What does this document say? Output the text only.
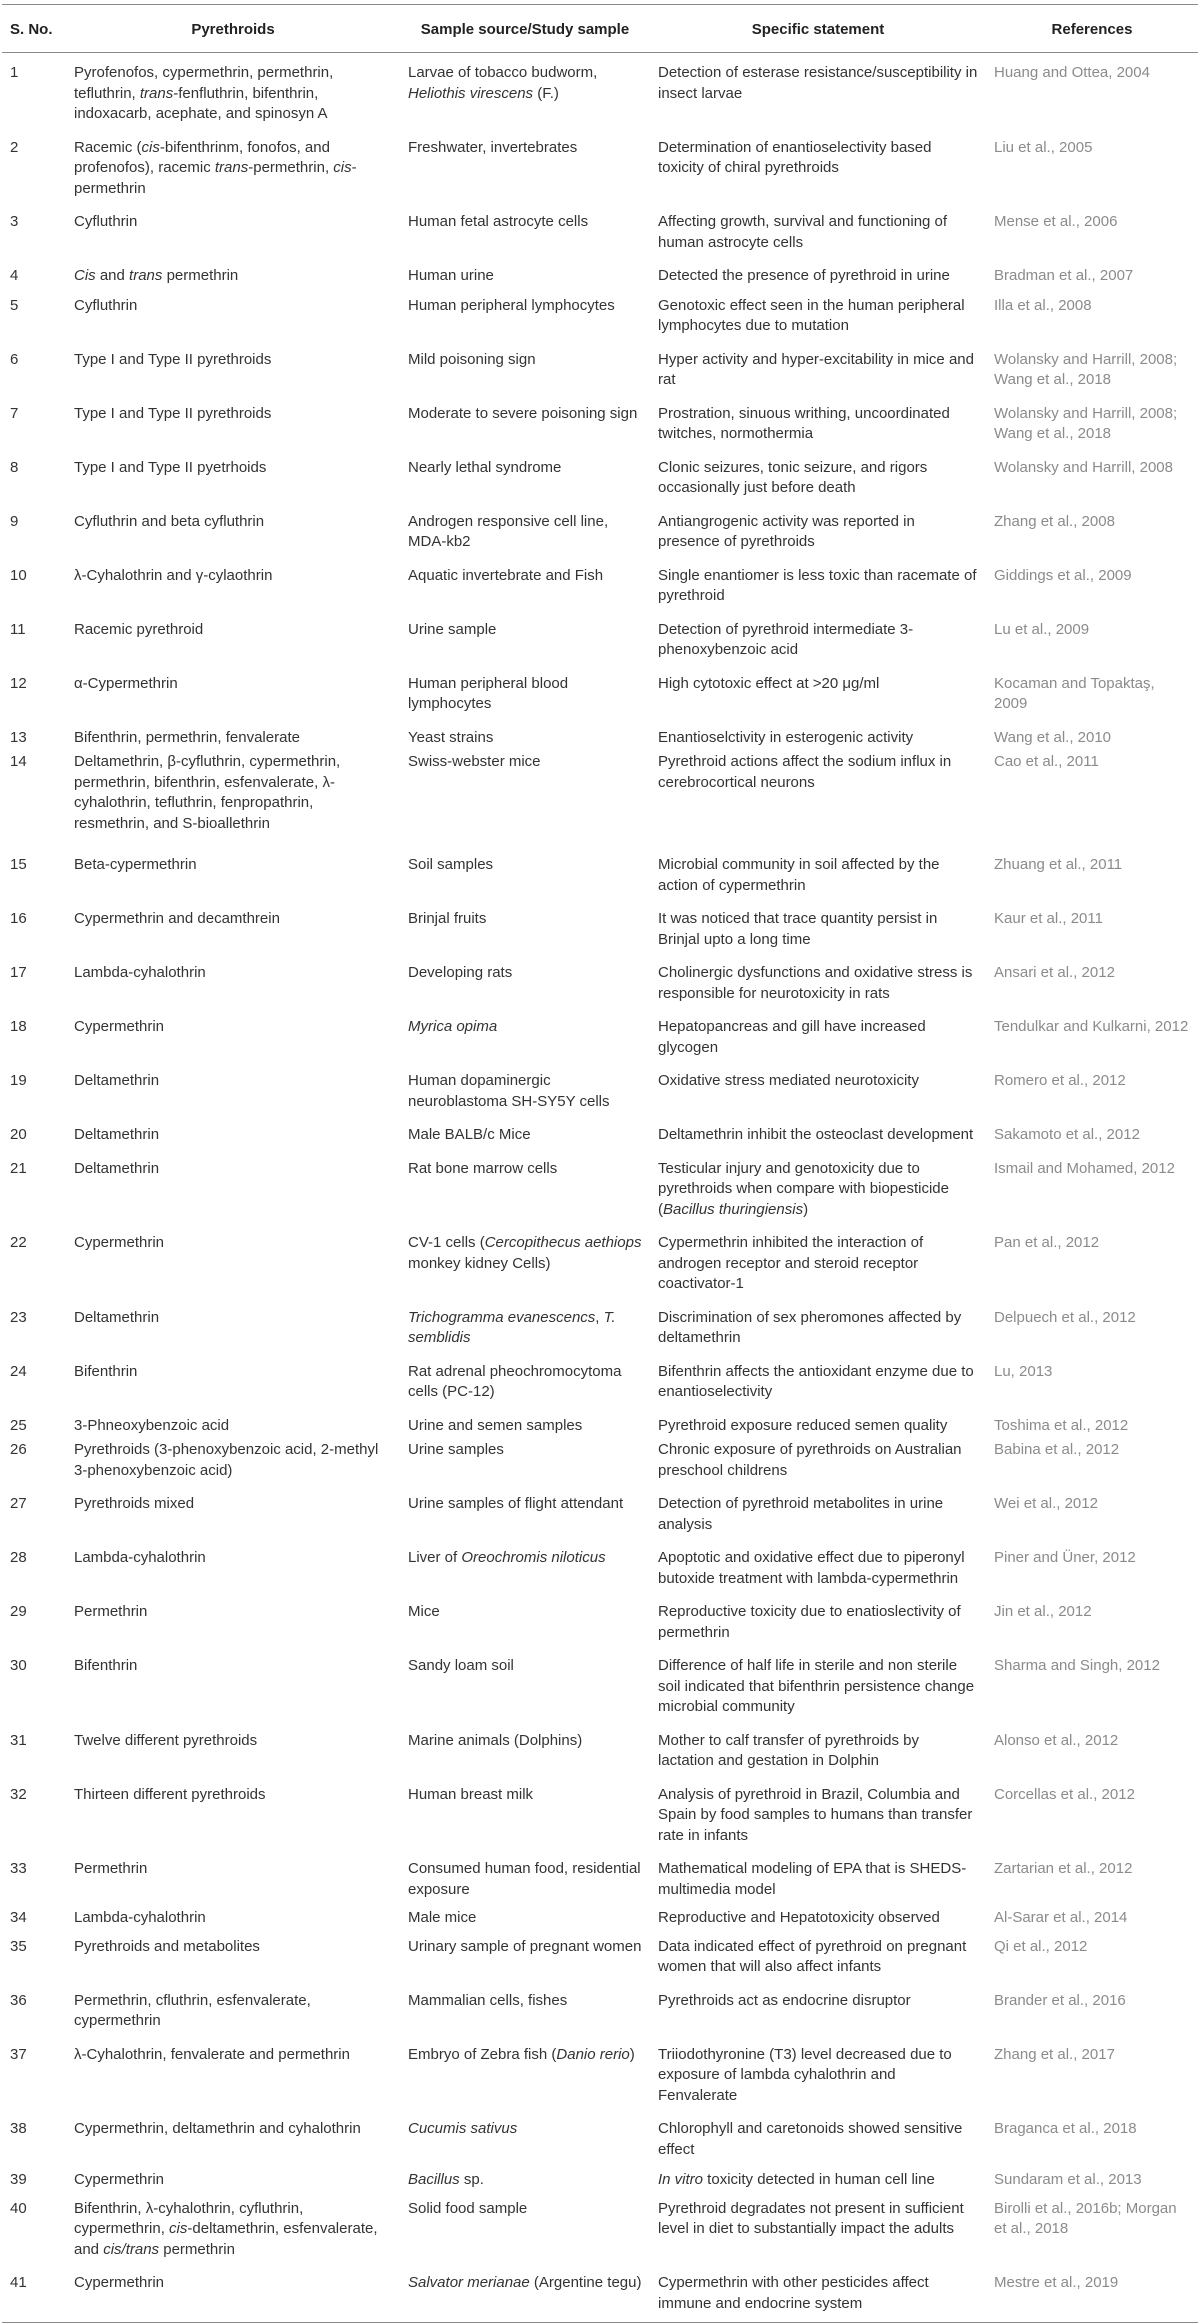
S. No.	Pyrethroids	Sample source/Study sample	Specific statement	References
1	Pyrofenofos, cypermethrin, permethrin, tefluthrin, trans-fenfluthrin, bifenthrin, indoxacarb, acephate, and spinosyn A	Larvae of tobacco budworm, Heliothis virescens (F.)	Detection of esterase resistance/susceptibility in insect larvae	Huang and Ottea, 2004
2	Racemic (cis-bifenthrinm, fonofos, and profenofos), racemic trans-permethrin, cis-permethrin	Freshwater, invertebrates	Determination of enantioselectivity based toxicity of chiral pyrethroids	Liu et al., 2005
3	Cyfluthrin	Human fetal astrocyte cells	Affecting growth, survival and functioning of human astrocyte cells	Mense et al., 2006
4	Cis and trans permethrin	Human urine	Detected the presence of pyrethroid in urine	Bradman et al., 2007
5	Cyfluthrin	Human peripheral lymphocytes	Genotoxic effect seen in the human peripheral lymphocytes due to mutation	Illa et al., 2008
6	Type I and Type II pyrethroids	Mild poisoning sign	Hyper activity and hyper-excitability in mice and rat	Wolansky and Harrill, 2008; Wang et al., 2018
7	Type I and Type II pyrethroids	Moderate to severe poisoning sign	Prostration, sinuous writhing, uncoordinated twitches, normothermia	Wolansky and Harrill, 2008; Wang et al., 2018
8	Type I and Type II pyetrhoids	Nearly lethal syndrome	Clonic seizures, tonic seizure, and rigors occasionally just before death	Wolansky and Harrill, 2008
9	Cyfluthrin and beta cyfluthrin	Androgen responsive cell line, MDA-kb2	Antiangrogenic activity was reported in presence of pyrethroids	Zhang et al., 2008
10	λ-Cyhalothrin and γ-cylaothrin	Aquatic invertebrate and Fish	Single enantiomer is less toxic than racemate of pyrethroid	Giddings et al., 2009
11	Racemic pyrethroid	Urine sample	Detection of pyrethroid intermediate 3-phenoxybenzoic acid	Lu et al., 2009
12	α-Cypermethrin	Human peripheral blood lymphocytes	High cytotoxic effect at >20 μg/ml	Kocaman and Topaktaş, 2009
13	Bifenthrin, permethrin, fenvalerate	Yeast strains	Enantioselctivity in esterogenic activity	Wang et al., 2010
14	Deltamethrin, β-cyfluthrin, cypermethrin, permethrin, bifenthrin, esfenvalerate, λ-cyhalothrin, tefluthrin, fenpropathrin, resmethrin, and S-bioallethrin	Swiss-webster mice	Pyrethroid actions affect the sodium influx in cerebrocortical neurons	Cao et al., 2011
15	Beta-cypermethrin	Soil samples	Microbial community in soil affected by the action of cypermethrin	Zhuang et al., 2011
16	Cypermethrin and decamthrein	Brinjal fruits	It was noticed that trace quantity persist in Brinjal upto a long time	Kaur et al., 2011
17	Lambda-cyhalothrin	Developing rats	Cholinergic dysfunctions and oxidative stress is responsible for neurotoxicity in rats	Ansari et al., 2012
18	Cypermethrin	Myrica opima	Hepatopancreas and gill have increased glycogen	Tendulkar and Kulkarni, 2012
19	Deltamethrin	Human dopaminergic neuroblastoma SH-SY5Y cells	Oxidative stress mediated neurotoxicity	Romero et al., 2012
20	Deltamethrin	Male BALB/c Mice	Deltamethrin inhibit the osteoclast development	Sakamoto et al., 2012
21	Deltamethrin	Rat bone marrow cells	Testicular injury and genotoxicity due to pyrethroids when compare with biopesticide (Bacillus thuringiensis)	Ismail and Mohamed, 2012
22	Cypermethrin	CV-1 cells (Cercopithecus aethiops monkey kidney Cells)	Cypermethrin inhibited the interaction of androgen receptor and steroid receptor coactivator-1	Pan et al., 2012
23	Deltamethrin	Trichogramma evanescencs, T. semblidis	Discrimination of sex pheromones affected by deltamethrin	Delpuech et al., 2012
24	Bifenthrin	Rat adrenal pheochromocytoma cells (PC-12)	Bifenthrin affects the antioxidant enzyme due to enantioselectivity	Lu, 2013
25	3-Phneoxybenzoic acid	Urine and semen samples	Pyrethroid exposure reduced semen quality	Toshima et al., 2012
26	Pyrethroids (3-phenoxybenzoic acid, 2-methyl 3-phenoxybenzoic acid)	Urine samples	Chronic exposure of pyrethroids on Australian preschool childrens	Babina et al., 2012
27	Pyrethroids mixed	Urine samples of flight attendant	Detection of pyrethroid metabolites in urine analysis	Wei et al., 2012
28	Lambda-cyhalothrin	Liver of Oreochromis niloticus	Apoptotic and oxidative effect due to piperonyl butoxide treatment with lambda-cypermethrin	Piner and Üner, 2012
29	Permethrin	Mice	Reproductive toxicity due to enatioslectivity of permethrin	Jin et al., 2012
30	Bifenthrin	Sandy loam soil	Difference of half life in sterile and non sterile soil indicated that bifenthrin persistence change microbial community	Sharma and Singh, 2012
31	Twelve different pyrethroids	Marine animals (Dolphins)	Mother to calf transfer of pyrethroids by lactation and gestation in Dolphin	Alonso et al., 2012
32	Thirteen different pyrethroids	Human breast milk	Analysis of pyrethroid in Brazil, Columbia and Spain by food samples to humans than transfer rate in infants	Corcellas et al., 2012
33	Permethrin	Consumed human food, residential exposure	Mathematical modeling of EPA that is SHEDS-multimedia model	Zartarian et al., 2012
34	Lambda-cyhalothrin	Male mice	Reproductive and Hepatotoxicity observed	Al-Sarar et al., 2014
35	Pyrethroids and metabolites	Urinary sample of pregnant women	Data indicated effect of pyrethroid on pregnant women that will also affect infants	Qi et al., 2012
36	Permethrin, cfluthrin, esfenvalerate, cypermethrin	Mammalian cells, fishes	Pyrethroids act as endocrine disruptor	Brander et al., 2016
37	λ-Cyhalothrin, fenvalerate and permethrin	Embryo of Zebra fish (Danio rerio)	Triiodothyronine (T3) level decreased due to exposure of lambda cyhalothrin and Fenvalerate	Zhang et al., 2017
38	Cypermethrin, deltamethrin and cyhalothrin	Cucumis sativus	Chlorophyll and caretonoids showed sensitive effect	Braganca et al., 2018
39	Cypermethrin	Bacillus sp.	In vitro toxicity detected in human cell line	Sundaram et al., 2013
40	Bifenthrin, λ-cyhalothrin, cyfluthrin, cypermethrin, cis-deltamethrin, esfenvalerate, and cis/trans permethrin	Solid food sample	Pyrethroid degradates not present in sufficient level in diet to substantially impact the adults	Birolli et al., 2016b; Morgan et al., 2018
41	Cypermethrin	Salvator merianae (Argentine tegu)	Cypermethrin with other pesticides affect immune and endocrine system	Mestre et al., 2019
